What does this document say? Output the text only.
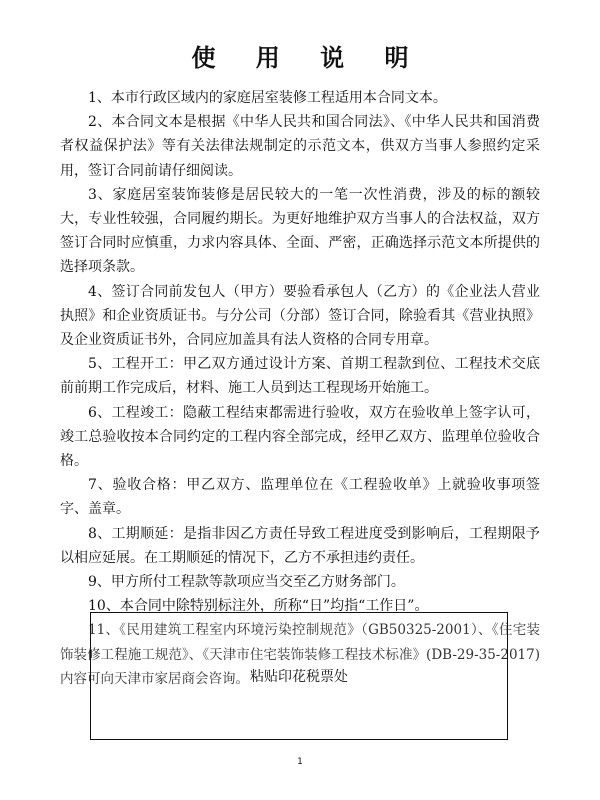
使 用 说 明

1、本市行政区域内的家庭居室装修工程适用本合同文本。

2、本合同文本是根据《中华人民共和国合同法》、《中华人民共和国消费者权益保护法》等有关法律法规制定的示范文本，供双方当事人参照约定采用，签订合同前请仔细阅读。

3、家庭居室装饰装修是居民较大的一笔一次性消费，涉及的标的额较大，专业性较强，合同履约期长。为更好地维护双方当事人的合法权益，双方签订合同时应慎重，力求内容具体、全面、严密，正确选择示范文本所提供的选择项条款。

4、签订合同前发包人（甲方）要验看承包人（乙方）的《企业法人营业执照》和企业资质证书。与分公司（分部）签订合同，除验看其《营业执照》及企业资质证书外，合同应加盖具有法人资格的合同专用章。

5、工程开工：甲乙双方通过设计方案、首期工程款到位、工程技术交底前前期工作完成后，材料、施工人员到达工程现场开始施工。

6、工程竣工：隐蔽工程结束都需进行验收，双方在验收单上签字认可，竣工总验收按本合同约定的工程内容全部完成，经甲乙双方、监理单位验收合格。

7、验收合格：甲乙双方、监理单位在《工程验收单》上就验收事项签字、盖章。

8、工期顺延：是指非因乙方责任导致工程进度受到影响后，工程期限予以相应延展。在工期顺延的情况下，乙方不承担违约责任。

9、甲方所付工程款等款项应当交至乙方财务部门。

10、本合同中除特别标注外，所称“日”均指“工作日”。

11、《民用建筑工程室内环境污染控制规范》（GB50325-2001）、《住宅装饰装修工程施工规范》、《天津市住宅装饰装修工程技术标准》(DB-29-35-2017)内容可向天津市家居商会咨询。 粘贴印花税票处
1
